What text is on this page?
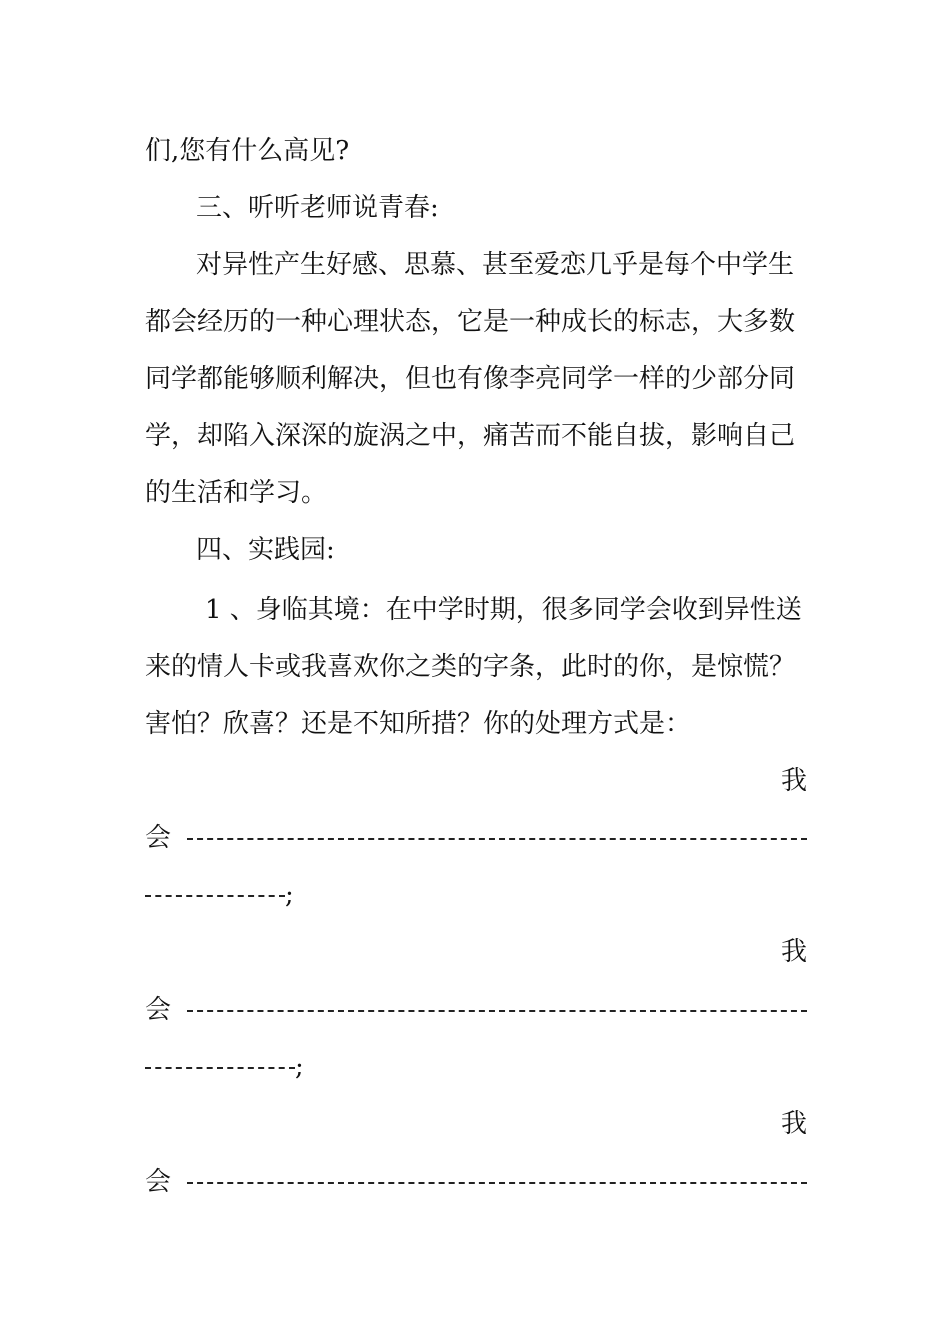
们,您有什么高见?
三、听听老师说青春:
对异性产生好感、思慕、甚至爱恋几乎是每个中学生
都会经历的一种心理状态，它是一种成长的标志，大多数
同学都能够顺利解决，但也有像李亮同学一样的少部分同
学，却陷入深深的旋涡之中，痛苦而不能自拔，影响自己
的生活和学习。
四、实践园:
1 、身临其境：在中学时期，很多同学会收到异性送
来的情人卡或我喜欢你之类的字条，此时的你，是惊慌？
害怕？欣喜？还是不知所措？你的处理方式是：
我
会
;
我
会
;
我
会
